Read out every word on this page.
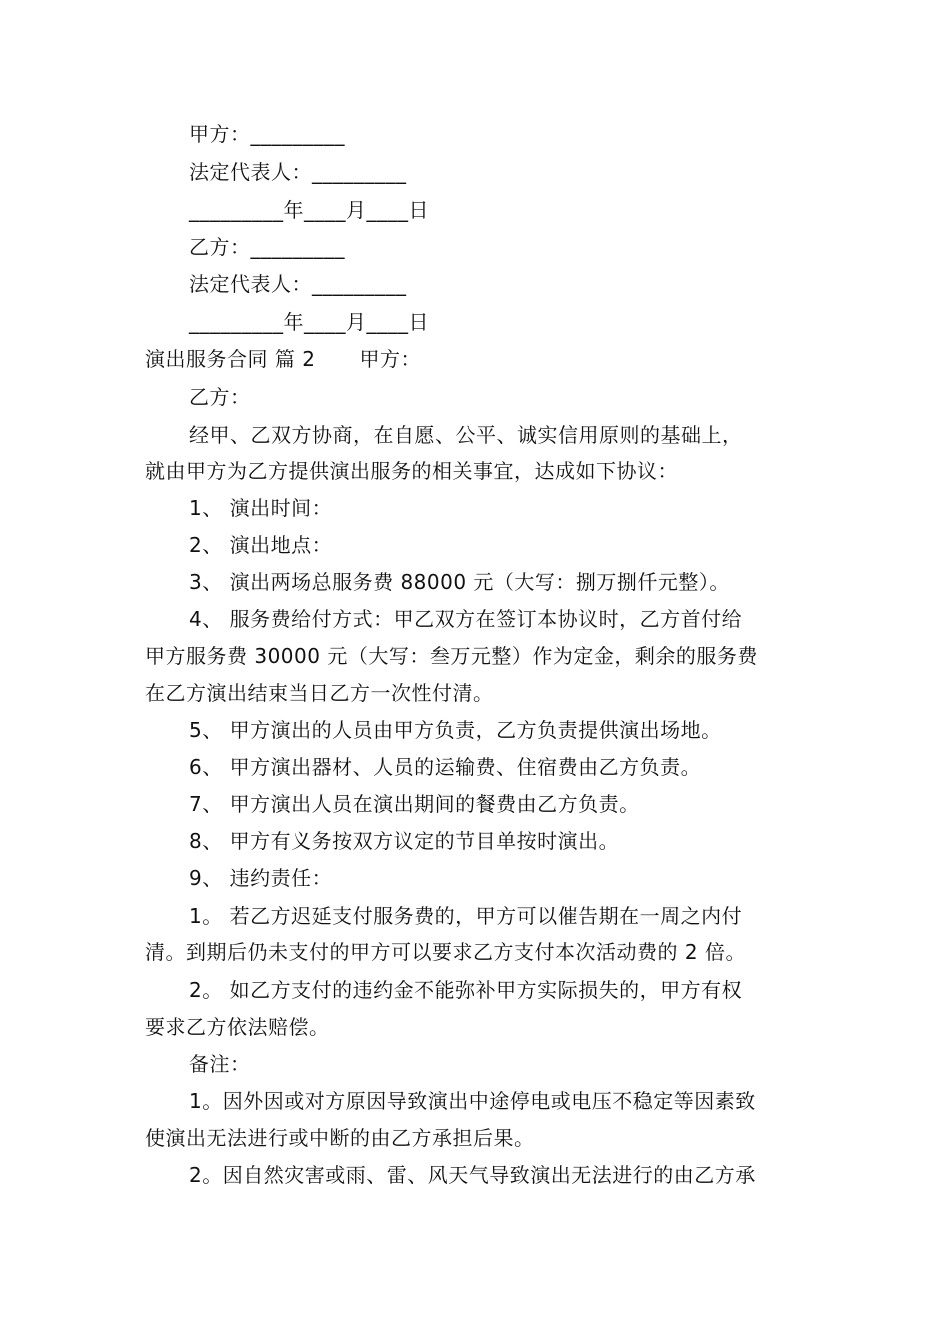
甲方：_________
法定代表人：_________
_________年____月____日
乙方：_________
法定代表人：_________
_________年____月____日
演出服务合同 篇 2 甲方：
乙方：
经甲、乙双方协商，在自愿、公平、诚实信用原则的基础上，
就由甲方为乙方提供演出服务的相关事宜，达成如下协议：
1、 演出时间：
2、 演出地点：
3、 演出两场总服务费 88000 元（大写：捌万捌仟元整）。
4、 服务费给付方式：甲乙双方在签订本协议时，乙方首付给
甲方服务费 30000 元（大写：叁万元整）作为定金，剩余的服务费
在乙方演出结束当日乙方一次性付清。
5、 甲方演出的人员由甲方负责，乙方负责提供演出场地。
6、 甲方演出器材、人员的运输费、住宿费由乙方负责。
7、 甲方演出人员在演出期间的餐费由乙方负责。
8、 甲方有义务按双方议定的节目单按时演出。
9、 违约责任：
1。 若乙方迟延支付服务费的，甲方可以催告期在一周之内付
清。到期后仍未支付的甲方可以要求乙方支付本次活动费的 2 倍。
2。 如乙方支付的违约金不能弥补甲方实际损失的，甲方有权
要求乙方依法赔偿。
备注：
1。因外因或对方原因导致演出中途停电或电压不稳定等因素致
使演出无法进行或中断的由乙方承担后果。
2。因自然灾害或雨、雷、风天气导致演出无法进行的由乙方承
